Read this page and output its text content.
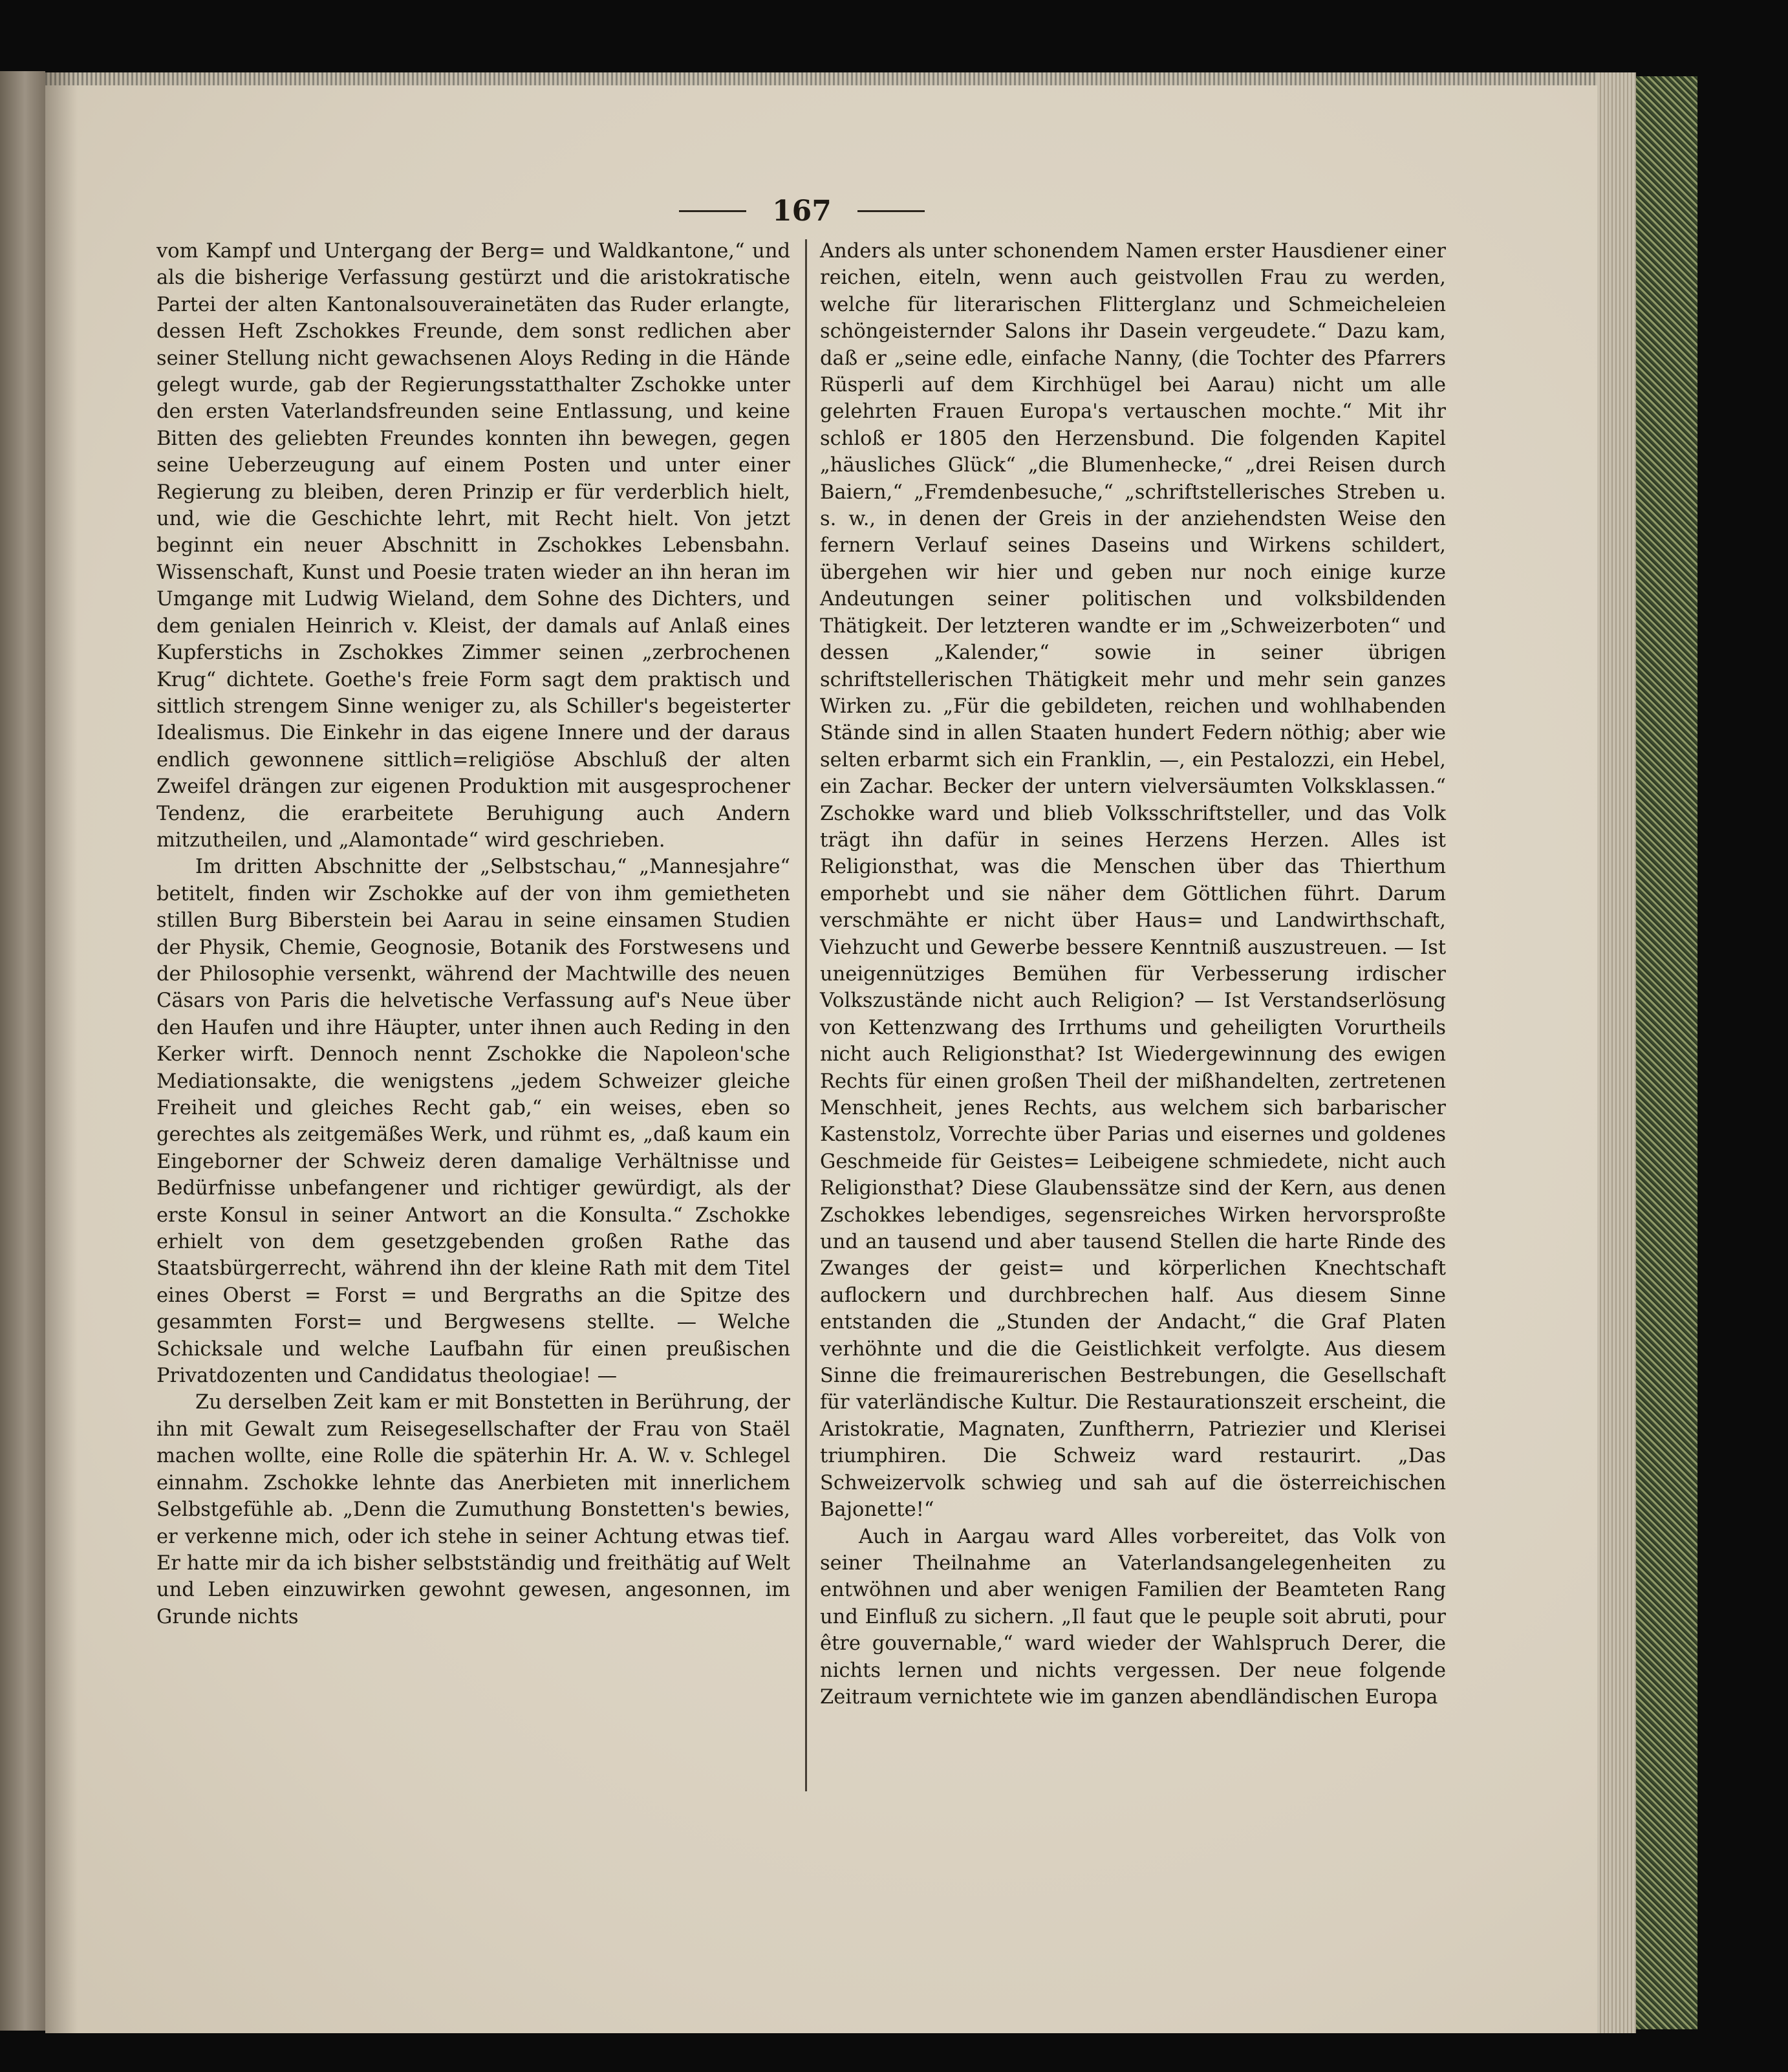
167

vom Kampf und Untergang der Berg= und Waldkantone,“ und als die bisherige Verfassung gestürzt und die aristokratische Partei der alten Kantonalsouverainetäten das Ruder erlangte, dessen Heft Zschokkes Freunde, dem sonst redlichen aber seiner Stellung nicht gewachsenen Aloys Reding in die Hände gelegt wurde, gab der Regierungsstatthalter Zschokke unter den ersten Vaterlandsfreunden seine Entlassung, und keine Bitten des geliebten Freundes konnten ihn bewegen, gegen seine Ueberzeugung auf einem Posten und unter einer Regierung zu bleiben, deren Prinzip er für verderblich hielt, und, wie die Geschichte lehrt, mit Recht hielt. Von jetzt beginnt ein neuer Abschnitt in Zschokkes Lebensbahn. Wissenschaft, Kunst und Poesie traten wieder an ihn heran im Umgange mit Ludwig Wieland, dem Sohne des Dichters, und dem genialen Heinrich v. Kleist, der damals auf Anlaß eines Kupferstichs in Zschokkes Zimmer seinen „zerbrochenen Krug“ dichtete. Goethe's freie Form sagt dem praktisch und sittlich strengem Sinne weniger zu, als Schiller's begeisterter Idealismus. Die Einkehr in das eigene Innere und der daraus endlich gewonnene sittlich=religiöse Abschluß der alten Zweifel drängen zur eigenen Produktion mit ausgesprochener Tendenz, die erarbeitete Beruhigung auch Andern mitzutheilen, und „Alamontade“ wird geschrieben.

Im dritten Abschnitte der „Selbstschau,“ „Mannesjahre“ betitelt, finden wir Zschokke auf der von ihm gemietheten stillen Burg Biberstein bei Aarau in seine einsamen Studien der Physik, Chemie, Geognosie, Botanik des Forstwesens und der Philosophie versenkt, während der Machtwille des neuen Cäsars von Paris die helvetische Verfassung auf's Neue über den Haufen und ihre Häupter, unter ihnen auch Reding in den Kerker wirft. Dennoch nennt Zschokke die Napoleon'sche Mediationsakte, die wenigstens „jedem Schweizer gleiche Freiheit und gleiches Recht gab,“ ein weises, eben so gerechtes als zeitgemäßes Werk, und rühmt es, „daß kaum ein Eingeborner der Schweiz deren damalige Verhältnisse und Bedürfnisse unbefangener und richtiger gewürdigt, als der erste Konsul in seiner Antwort an die Konsulta.“ Zschokke erhielt von dem gesetzgebenden großen Rathe das Staatsbürgerrecht, während ihn der kleine Rath mit dem Titel eines Oberst = Forst = und Bergraths an die Spitze des gesammten Forst= und Bergwesens stellte. — Welche Schicksale und welche Laufbahn für einen preußischen Privatdozenten und Candidatus theologiae! —

Zu derselben Zeit kam er mit Bonstetten in Berührung, der ihn mit Gewalt zum Reisegesellschafter der Frau von Staël machen wollte, eine Rolle die späterhin Hr. A. W. v. Schlegel einnahm. Zschokke lehnte das Anerbieten mit innerlichem Selbstgefühle ab. „Denn die Zumuthung Bonstetten's bewies, er verkenne mich, oder ich stehe in seiner Achtung etwas tief. Er hatte mir da ich bisher selbstständig und freithätig auf Welt und Leben einzuwirken gewohnt gewesen, angesonnen, im Grunde nichts

Anders als unter schonendem Namen erster Hausdiener einer reichen, eiteln, wenn auch geistvollen Frau zu werden, welche für literarischen Flitterglanz und Schmeicheleien schöngeisternder Salons ihr Dasein vergeudete.“ Dazu kam, daß er „seine edle, einfache Nanny, (die Tochter des Pfarrers Rüsperli auf dem Kirchhügel bei Aarau) nicht um alle gelehrten Frauen Europa's vertauschen mochte.“ Mit ihr schloß er 1805 den Herzensbund. Die folgenden Kapitel „häusliches Glück“ „die Blumenhecke,“ „drei Reisen durch Baiern,“ „Fremdenbesuche,“ „schriftstellerisches Streben u. s. w., in denen der Greis in der anziehendsten Weise den fernern Verlauf seines Daseins und Wirkens schildert, übergehen wir hier und geben nur noch einige kurze Andeutungen seiner politischen und volksbildenden Thätigkeit. Der letzteren wandte er im „Schweizerboten“ und dessen „Kalender,“ sowie in seiner übrigen schriftstellerischen Thätigkeit mehr und mehr sein ganzes Wirken zu. „Für die gebildeten, reichen und wohlhabenden Stände sind in allen Staaten hundert Federn nöthig; aber wie selten erbarmt sich ein Franklin, —, ein Pestalozzi, ein Hebel, ein Zachar. Becker der untern vielversäumten Volksklassen.“ Zschokke ward und blieb Volksschriftsteller, und das Volk trägt ihn dafür in seines Herzens Herzen. Alles ist Religionsthat, was die Menschen über das Thierthum emporhebt und sie näher dem Göttlichen führt. Darum verschmähte er nicht über Haus= und Landwirthschaft, Viehzucht und Gewerbe bessere Kenntniß auszustreuen. — Ist uneigennütziges Bemühen für Verbesserung irdischer Volkszustände nicht auch Religion? — Ist Verstandserlösung von Kettenzwang des Irrthums und geheiligten Vorurtheils nicht auch Religionsthat? Ist Wiedergewinnung des ewigen Rechts für einen großen Theil der mißhandelten, zertretenen Menschheit, jenes Rechts, aus welchem sich barbarischer Kastenstolz, Vorrechte über Parias und eisernes und goldenes Geschmeide für Geistes= Leibeigene schmiedete, nicht auch Religionsthat? Diese Glaubenssätze sind der Kern, aus denen Zschokkes lebendiges, segensreiches Wirken hervorsproßte und an tausend und aber tausend Stellen die harte Rinde des Zwanges der geist= und körperlichen Knechtschaft auflockern und durchbrechen half. Aus diesem Sinne entstanden die „Stunden der Andacht,“ die Graf Platen verhöhnte und die die Geistlichkeit verfolgte. Aus diesem Sinne die freimaurerischen Bestrebungen, die Gesellschaft für vaterländische Kultur. Die Restaurationszeit erscheint, die Aristokratie, Magnaten, Zunftherrn, Patriezier und Klerisei triumphiren. Die Schweiz ward restaurirt. „Das Schweizervolk schwieg und sah auf die österreichischen Bajonette!“

Auch in Aargau ward Alles vorbereitet, das Volk von seiner Theilnahme an Vaterlandsangelegenheiten zu entwöhnen und aber wenigen Familien der Beamteten Rang und Einfluß zu sichern. „Il faut que le peuple soit abruti, pour être gouvernable,“ ward wieder der Wahlspruch Derer, die nichts lernen und nichts vergessen. Der neue folgende Zeitraum vernichtete wie im ganzen abendländischen Europa
